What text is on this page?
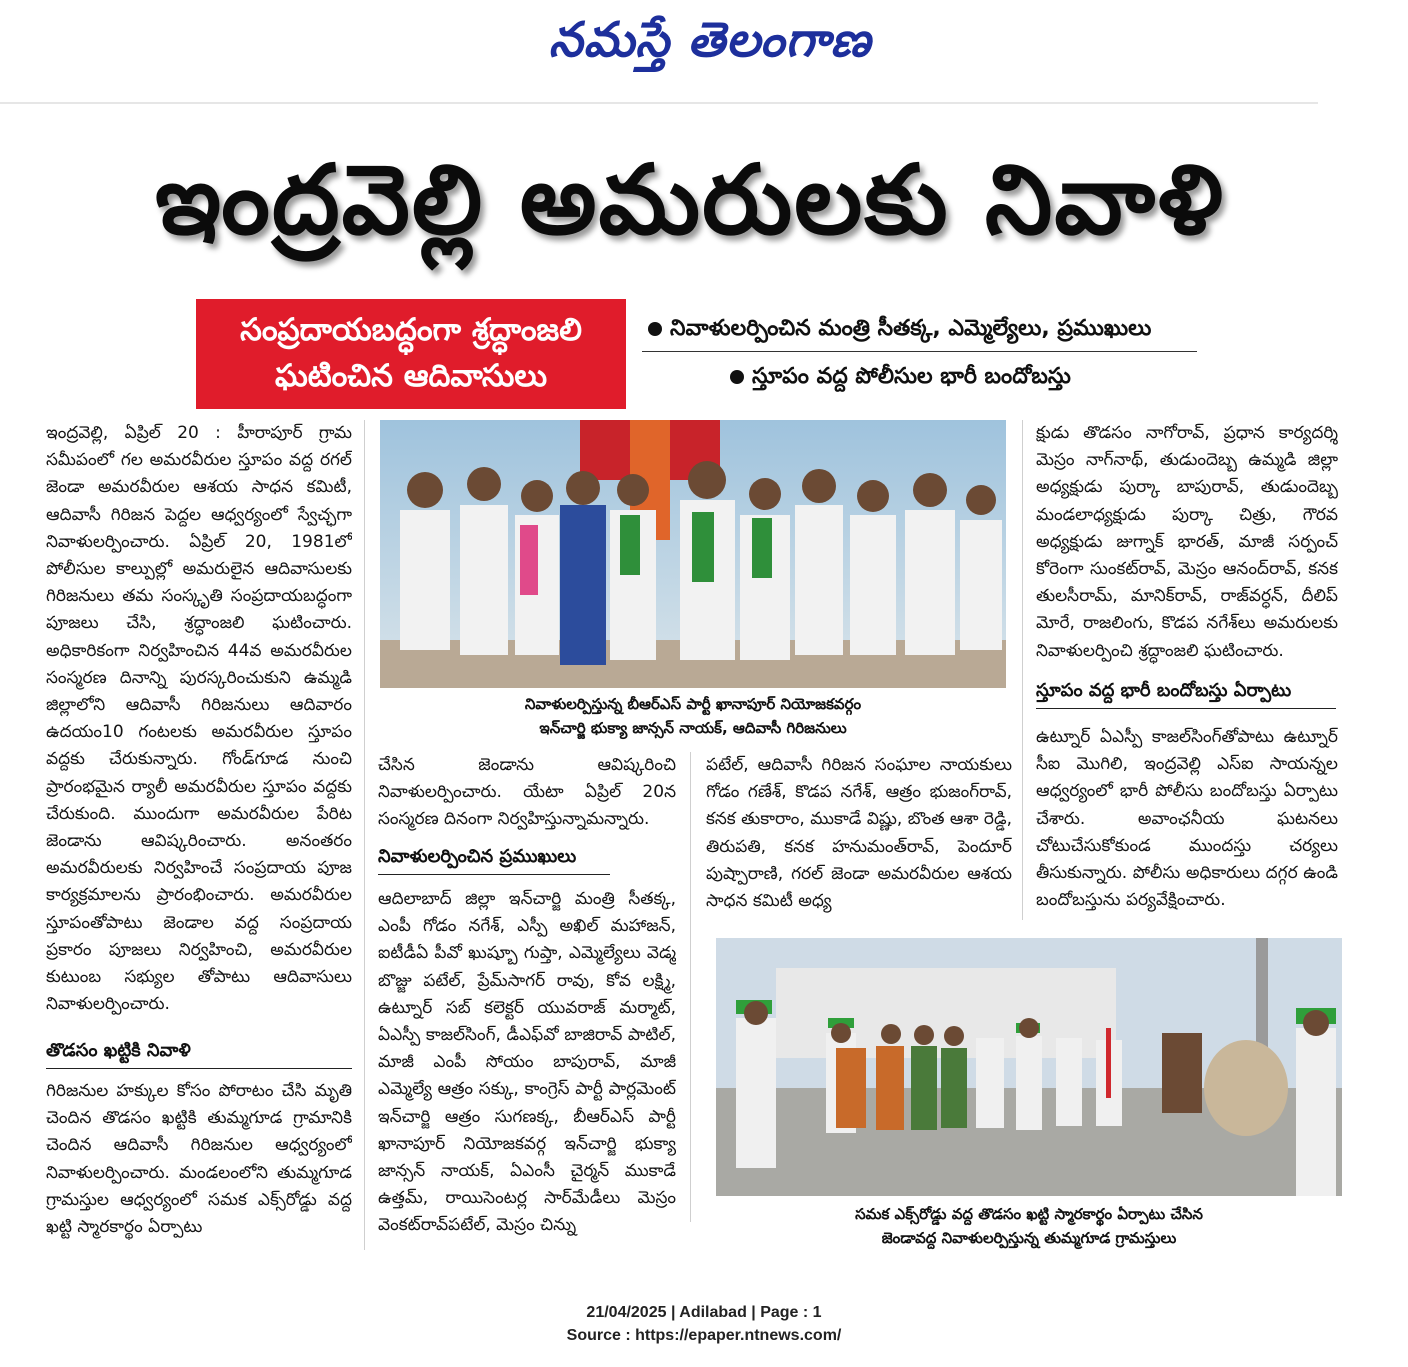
నమస్తే తెలంగాణ
ఇంద్రవెల్లి అమరులకు నివాళి
సంప్రదాయబద్ధంగా శ్రద్ధాంజలి
ఘటించిన ఆదివాసులు
నివాళులర్పించిన మంత్రి సీతక్క, ఎమ్మెల్యేలు, ప్రముఖులు
స్తూపం వద్ద పోలీసుల భారీ బందోబస్తు

ఇంద్రవెల్లి, ఏప్రిల్ 20 : హీరాపూర్ గ్రామ సమీపంలో గల అమరవీరుల స్తూపం వద్ద రగల్ జెండా అమరవీరుల ఆశయ సాధన కమిటీ, ఆదివాసీ గిరిజన పెద్దల ఆధ్వర్యంలో స్వేచ్ఛగా నివాళులర్పించారు. ఏప్రిల్ 20, 1981లో పోలీసుల కాల్పుల్లో అమరులైన ఆదివాసులకు గిరిజనులు తమ సంస్కృతి సంప్రదాయబద్ధంగా పూజలు చేసి, శ్రద్ధాంజలి ఘటించారు. అధికారికంగా నిర్వహించిన 44వ అమరవీరుల సంస్మరణ దినాన్ని పురస్కరించుకుని ఉమ్మడి జిల్లాలోని ఆదివాసీ గిరిజనులు ఆదివారం ఉదయం10 గంటలకు అమరవీరుల స్తూపం వద్దకు చేరుకున్నారు. గోండ్‌గూడ నుంచి ప్రారంభమైన ర్యాలీ అమరవీరుల స్తూపం వద్దకు చేరుకుంది. ముందుగా అమరవీరుల పేరిట జెండాను ఆవిష్కరించారు. అనంతరం అమరవీరులకు నిర్వహించే సంప్రదాయ పూజ కార్యక్రమాలను ప్రారంభించారు. అమరవీరుల స్తూపంతోపాటు జెండాల వద్ద సంప్రదాయ ప్రకారం పూజలు నిర్వహించి, అమరవీరుల కుటుంబ సభ్యుల తోపాటు ఆదివాసులు నివాళులర్పించారు.

తొడసం ఖట్టికి నివాళి

గిరిజనుల హక్కుల కోసం పోరాటం చేసి మృతి చెందిన తొడసం ఖట్టికి తుమ్మగూడ గ్రామానికి చెందిన ఆదివాసీ గిరిజనుల ఆధ్వర్యంలో నివాళులర్పించారు. మండలంలోని తుమ్మగూడ గ్రామస్తుల ఆధ్వర్యంలో సమక ఎక్స్‌రోడ్డు వద్ద ఖట్టి స్మారకార్థం ఏర్పాటు

నివాళులర్పిస్తున్న బీఆర్‌ఎస్ పార్టీ ఖానాపూర్ నియోజకవర్గం
ఇన్‌చార్జి భుక్యా జాన్సన్ నాయక్, ఆదివాసీ గిరిజనులు

చేసిన జెండాను ఆవిష్కరించి నివాళులర్పించారు. యేటా ఏప్రిల్ 20న సంస్మరణ దినంగా నిర్వహిస్తున్నామన్నారు.

నివాళులర్పించిన ప్రముఖులు

ఆదిలాబాద్ జిల్లా ఇన్‌చార్జి మంత్రి సీతక్క, ఎంపీ గోడం నగేశ్, ఎస్పీ అఖిల్ మహాజన్, ఐటీడీఏ పీవో ఖుష్బూ గుప్తా, ఎమ్మెల్యేలు వెడ్మ బొజ్జు పటేల్, ప్రేమ్‌సాగర్ రావు, కోవ లక్ష్మి, ఉట్నూర్ సబ్ కలెక్టర్ యువరాజ్ మర్మాట్, ఏఎస్పీ కాజల్‌సింగ్, డీఎఫ్‌వో బాజిరావ్ పాటిల్, మాజీ ఎంపీ సోయం బాపురావ్, మాజీ ఎమ్మెల్యే ఆత్రం సక్కు, కాంగ్రెస్ పార్టీ పార్లమెంట్ ఇన్‌చార్జి ఆత్రం సుగణక్క, బీఆర్‌ఎస్ పార్టీ ఖానాపూర్ నియోజకవర్గ ఇన్‌చార్జి భుక్యా జాన్సన్ నాయక్, ఏఎంసీ చైర్మన్ ముకాడే ఉత్తమ్, రాయిసెంటర్ల సార్‌మేడీలు మెస్రం వెంకట్‌రావ్‌పటేల్, మెస్రం చిన్ను

పటేల్, ఆదివాసీ గిరిజన సంఘాల నాయకులు గోడం గణేశ్, కొడప నగేశ్, ఆత్రం భుజంగ్‌రావ్, కనక తుకారాం, ముకాడే విష్ణు, బొంత ఆశా రెడ్డి, తిరుపతి, కనక హనుమంత్‌రావ్, పెందూర్ పుష్పారాణి, గరల్ జెండా అమరవీరుల ఆశయ సాధన కమిటీ అధ్య

క్షుడు తొడసం నాగోరావ్, ప్రధాన కార్యదర్శి మెస్రం నాగ్‌నాథ్, తుడుందెబ్బ ఉమ్మడి జిల్లా అధ్యక్షుడు పుర్కా బాపురావ్, తుడుందెబ్బ మండలాధ్యక్షుడు పుర్కా చిత్రు, గౌరవ అధ్యక్షుడు జుగ్నాక్ భారత్, మాజీ సర్పంచ్ కోరెంగా సుంకట్‌రావ్, మెస్రం ఆనంద్‌రావ్, కనక తులసీరామ్, మానిక్‌రావ్, రాజ్‌వర్ధన్, దీలిప్ మోరే, రాజలింగు, కొడప నగేశ్‌లు అమరులకు నివాళులర్పించి శ్రద్ధాంజలి ఘటించారు.

స్తూపం వద్ద భారీ బందోబస్తు ఏర్పాటు

ఉట్నూర్ ఏఎస్పీ కాజల్‌సింగ్‌తోపాటు ఉట్నూర్ సీఐ మొగిలి, ఇంద్రవెల్లి ఎస్ఐ సాయన్నల ఆధ్వర్యంలో భారీ పోలీసు బందోబస్తు ఏర్పాటు చేశారు. అవాంఛనీయ ఘటనలు చోటుచేసుకోకుండ ముందస్తు చర్యలు తీసుకున్నారు. పోలీసు అధికారులు దగ్గర ఉండి బందోబస్తును పర్యవేక్షించారు.

సమక ఎక్స్‌రోడ్డు వద్ద తొడసం ఖట్టి స్మారకార్థం ఏర్పాటు చేసిన
జెండావద్ద నివాళులర్పిస్తున్న తుమ్మగూడ గ్రామస్తులు
21/04/2025 | Adilabad | Page : 1
Source : https://epaper.ntnews.com/
